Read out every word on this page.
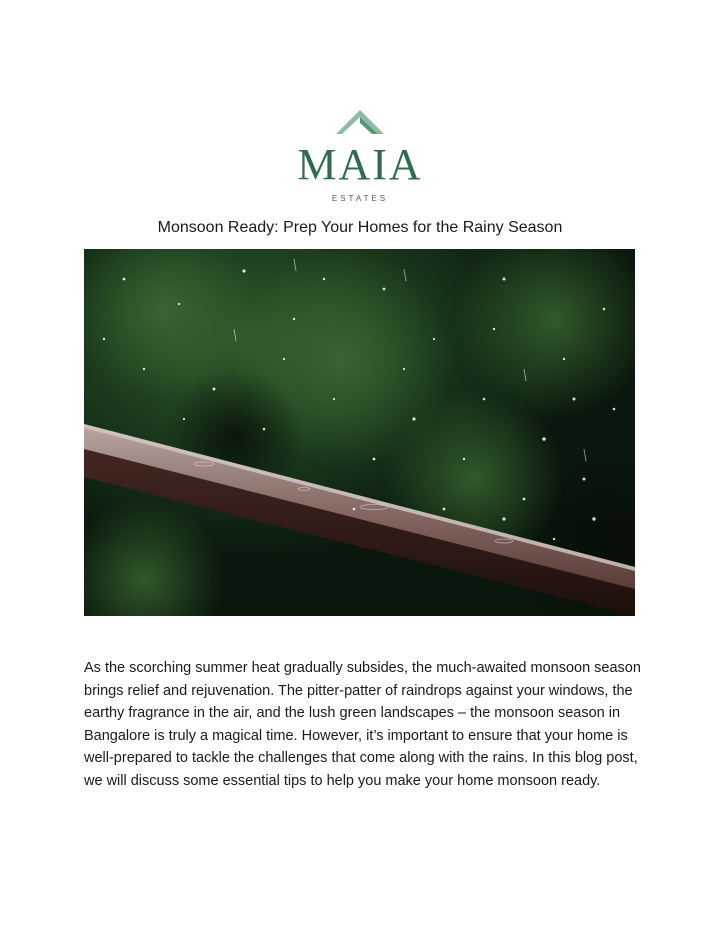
MAIA
ESTATES
Monsoon Ready: Prep Your Homes for the Rainy Season

As the scorching summer heat gradually subsides, the much-awaited monsoon season brings relief and rejuvenation. The pitter-patter of raindrops against your windows, the earthy fragrance in the air, and the lush green landscapes – the monsoon season in Bangalore is truly a magical time. However, it’s important to ensure that your home is well-prepared to tackle the challenges that come along with the rains. In this blog post, we will discuss some essential tips to help you make your home monsoon ready.
